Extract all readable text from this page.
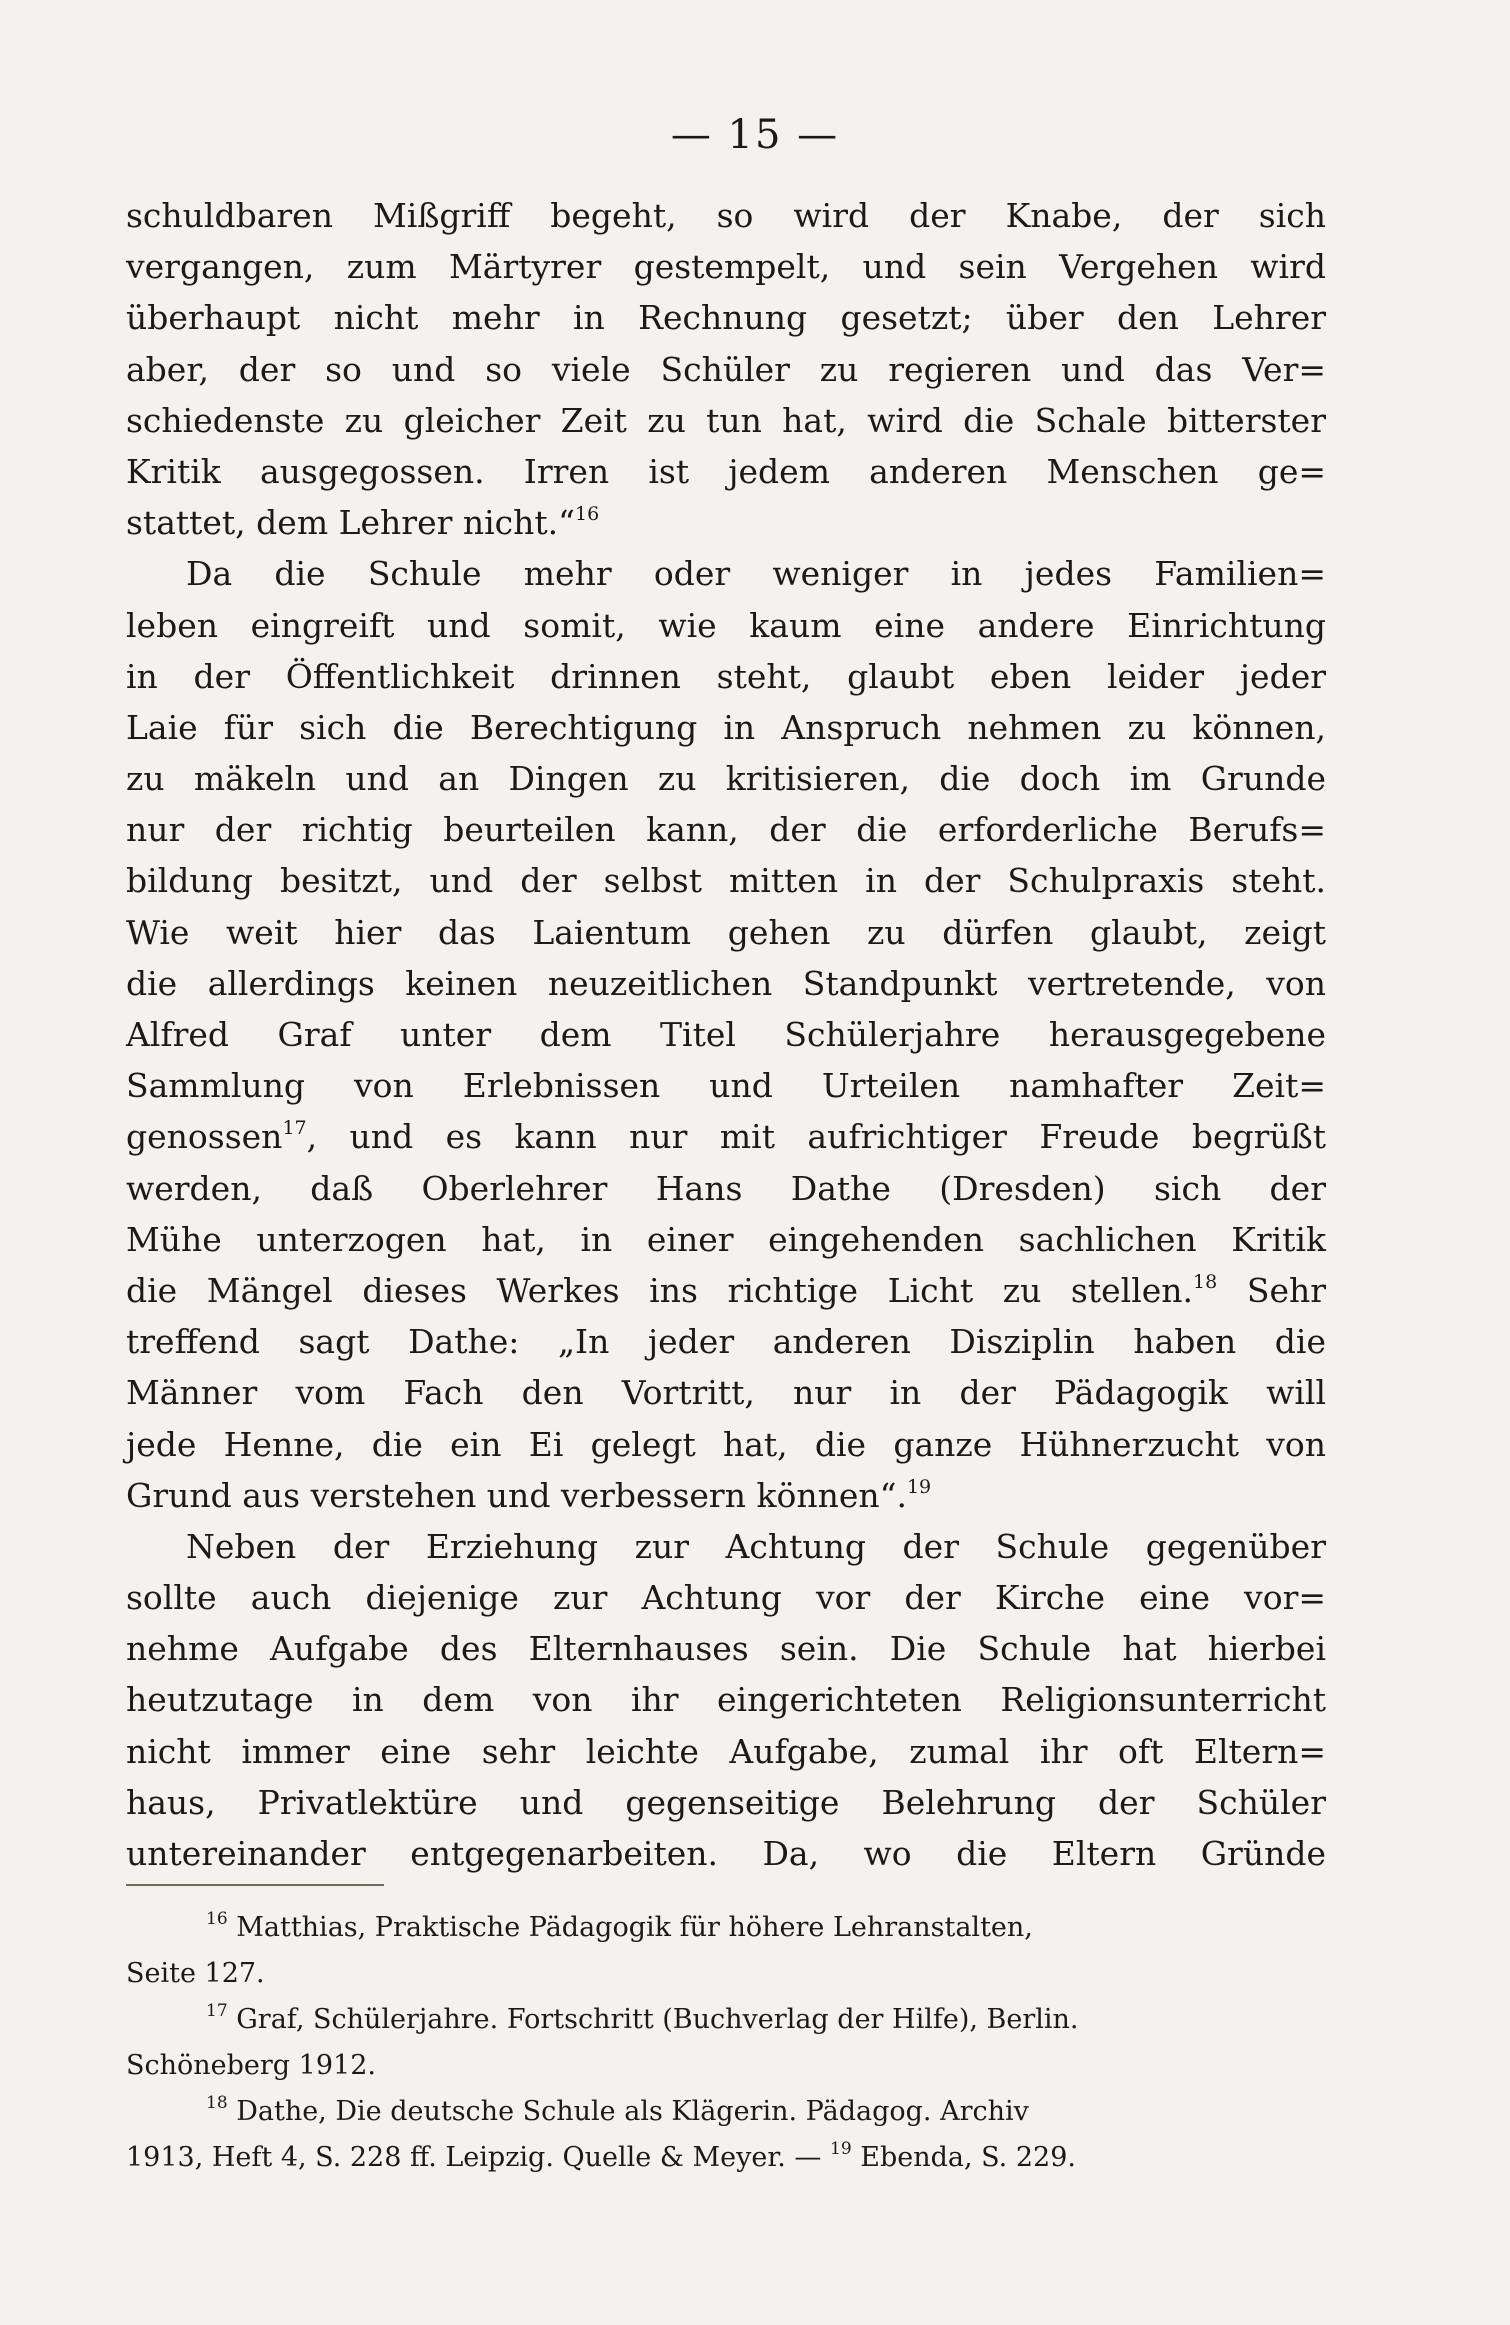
— 15 —
schuldbaren Mißgriff begeht, so wird der Knabe, der sich
vergangen, zum Märtyrer gestempelt, und sein Vergehen wird
überhaupt nicht mehr in Rechnung gesetzt; über den Lehrer
aber, der so und so viele Schüler zu regieren und das Ver=
schiedenste zu gleicher Zeit zu tun hat, wird die Schale bitterster
Kritik ausgegossen. Irren ist jedem anderen Menschen ge=
stattet, dem Lehrer nicht.“$^{16}$
Da die Schule mehr oder weniger in jedes Familien=
leben eingreift und somit, wie kaum eine andere Einrichtung
in der Öffentlichkeit drinnen steht, glaubt eben leider jeder
Laie für sich die Berechtigung in Anspruch nehmen zu können,
zu mäkeln und an Dingen zu kritisieren, die doch im Grunde
nur der richtig beurteilen kann, der die erforderliche Berufs=
bildung besitzt, und der selbst mitten in der Schulpraxis steht.
Wie weit hier das Laientum gehen zu dürfen glaubt, zeigt
die allerdings keinen neuzeitlichen Standpunkt vertretende, von
Alfred Graf unter dem Titel Schülerjahre herausgegebene
Sammlung von Erlebnissen und Urteilen namhafter Zeit=
genossen$^{17}$, und es kann nur mit aufrichtiger Freude begrüßt
werden, daß Oberlehrer Hans Dathe (Dresden) sich der
Mühe unterzogen hat, in einer eingehenden sachlichen Kritik
die Mängel dieses Werkes ins richtige Licht zu stellen.$^{18}$ Sehr
treffend sagt Dathe: „In jeder anderen Disziplin haben die
Männer vom Fach den Vortritt, nur in der Pädagogik will
jede Henne, die ein Ei gelegt hat, die ganze Hühnerzucht von
Grund aus verstehen und verbessern können“.$^{19}$
Neben der Erziehung zur Achtung der Schule gegenüber
sollte auch diejenige zur Achtung vor der Kirche eine vor=
nehme Aufgabe des Elternhauses sein. Die Schule hat hierbei
heutzutage in dem von ihr eingerichteten Religionsunterricht
nicht immer eine sehr leichte Aufgabe, zumal ihr oft Eltern=
haus, Privatlektüre und gegenseitige Belehrung der Schüler
untereinander entgegenarbeiten. Da, wo die Eltern Gründe
$^{16}$ Matthias, Praktische Pädagogik für höhere Lehranstalten,
Seite 127.
$^{17}$ Graf, Schülerjahre. Fortschritt (Buchverlag der Hilfe), Berlin.
Schöneberg 1912.
$^{18}$ Dathe, Die deutsche Schule als Klägerin. Pädagog. Archiv
1913, Heft 4, S. 228 ff. Leipzig. Quelle & Meyer. — $^{19}$ Ebenda, S. 229.
